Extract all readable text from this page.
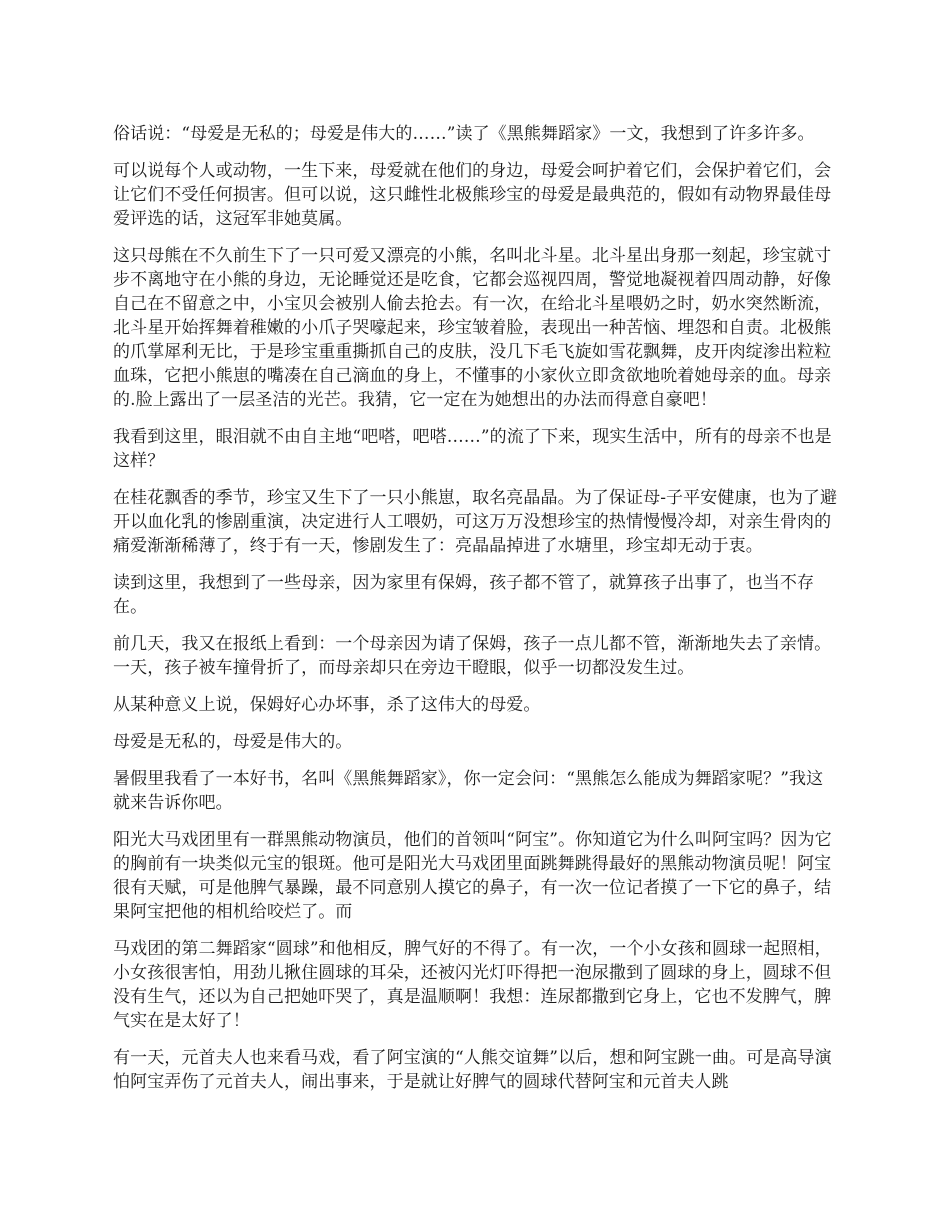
俗话说：“母爱是无私的；母爱是伟大的……”读了《黑熊舞蹈家》一文，我想到了许多许多。

可以说每个人或动物，一生下来，母爱就在他们的身边，母爱会呵护着它们，会保护着它们，会让它们不受任何损害。但可以说，这只雌性北极熊珍宝的母爱是最典范的，假如有动物界最佳母爱评选的话，这冠军非她莫属。

这只母熊在不久前生下了一只可爱又漂亮的小熊，名叫北斗星。北斗星出身那一刻起，珍宝就寸步不离地守在小熊的身边，无论睡觉还是吃食，它都会巡视四周，警觉地凝视着四周动静，好像自己在不留意之中，小宝贝会被别人偷去抢去。有一次，在给北斗星喂奶之时，奶水突然断流，北斗星开始挥舞着稚嫩的小爪子哭嚎起来，珍宝皱着脸，表现出一种苦恼、埋怨和自责。北极熊的爪掌犀利无比，于是珍宝重重撕抓自己的皮肤，没几下毛飞旋如雪花飘舞，皮开肉绽渗出粒粒血珠，它把小熊崽的嘴凑在自己滴血的身上，不懂事的小家伙立即贪欲地吮着她母亲的血。母亲的.脸上露出了一层圣洁的光芒。我猜，它一定在为她想出的办法而得意自豪吧！

我看到这里，眼泪就不由自主地“吧嗒，吧嗒……”的流了下来，现实生活中，所有的母亲不也是这样？

在桂花飘香的季节，珍宝又生下了一只小熊崽，取名亮晶晶。为了保证母-子平安健康，也为了避开以血化乳的惨剧重演，决定进行人工喂奶，可这万万没想珍宝的热情慢慢冷却，对亲生骨肉的痛爱渐渐稀薄了，终于有一天，惨剧发生了：亮晶晶掉进了水塘里，珍宝却无动于衷。

读到这里，我想到了一些母亲，因为家里有保姆，孩子都不管了，就算孩子出事了，也当不存在。

前几天，我又在报纸上看到：一个母亲因为请了保姆，孩子一点儿都不管，渐渐地失去了亲情。一天，孩子被车撞骨折了，而母亲却只在旁边干瞪眼，似乎一切都没发生过。

从某种意义上说，保姆好心办坏事，杀了这伟大的母爱。

母爱是无私的，母爱是伟大的。

暑假里我看了一本好书，名叫《黑熊舞蹈家》，你一定会问：“黑熊怎么能成为舞蹈家呢？”我这就来告诉你吧。

阳光大马戏团里有一群黑熊动物演员，他们的首领叫“阿宝”。你知道它为什么叫阿宝吗？因为它的胸前有一块类似元宝的银斑。他可是阳光大马戏团里面跳舞跳得最好的黑熊动物演员呢！阿宝很有天赋，可是他脾气暴躁，最不同意别人摸它的鼻子，有一次一位记者摸了一下它的鼻子，结果阿宝把他的相机给咬烂了。而

马戏团的第二舞蹈家“圆球”和他相反，脾气好的不得了。有一次，一个小女孩和圆球一起照相，小女孩很害怕，用劲儿揪住圆球的耳朵，还被闪光灯吓得把一泡尿撒到了圆球的身上，圆球不但没有生气，还以为自己把她吓哭了，真是温顺啊！我想：连尿都撒到它身上，它也不发脾气，脾气实在是太好了！

有一天，元首夫人也来看马戏，看了阿宝演的“人熊交谊舞”以后，想和阿宝跳一曲。可是高导演怕阿宝弄伤了元首夫人，闹出事来，于是就让好脾气的圆球代替阿宝和元首夫人跳
